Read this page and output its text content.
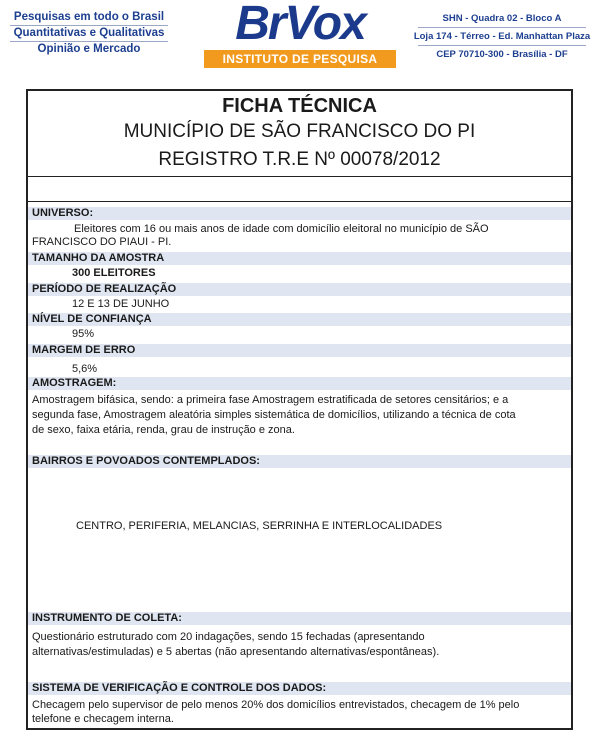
Pesquisas em todo o Brasil
Quantitativas e Qualitativas
Opinião e Mercado	BrVox
INSTITUTO DE PESQUISA
SHN - Quadra 02 - Bloco A
Loja 174 - Térreo - Ed. Manhattan Plaza
CEP 70710-300 - Brasília - DF
FICHA TÉCNICA
MUNICÍPIO DE SÃO FRANCISCO DO PI
REGISTRO T.R.E Nº 00078/2012
UNIVERSO:
Eleitores com 16 ou mais anos de idade com domicílio eleitoral no município de SÃO
FRANCISCO DO PIAUI - PI.
TAMANHO DA AMOSTRA
300 ELEITORES
PERÍODO DE REALIZAÇÃO
12 E 13 DE JUNHO
NÍVEL DE CONFIANÇA
95%
MARGEM DE ERRO
5,6%
AMOSTRAGEM:
Amostragem bifásica, sendo: a primeira fase Amostragem estratificada de setores censitários; e a
segunda fase, Amostragem aleatória simples sistemática de domicílios, utilizando a técnica de cota
de sexo, faixa etária, renda, grau de instrução e zona.
BAIRROS E POVOADOS CONTEMPLADOS:
CENTRO, PERIFERIA, MELANCIAS, SERRINHA E INTERLOCALIDADES
INSTRUMENTO DE COLETA:
Questionário estruturado com 20 indagações, sendo 15 fechadas (apresentando
alternativas/estimuladas) e 5 abertas (não apresentando alternativas/espontâneas).
SISTEMA DE VERIFICAÇÃO E CONTROLE DOS DADOS:
Checagem pelo supervisor de pelo menos 20% dos domicílios entrevistados, checagem de 1% pelo
telefone e checagem interna.
